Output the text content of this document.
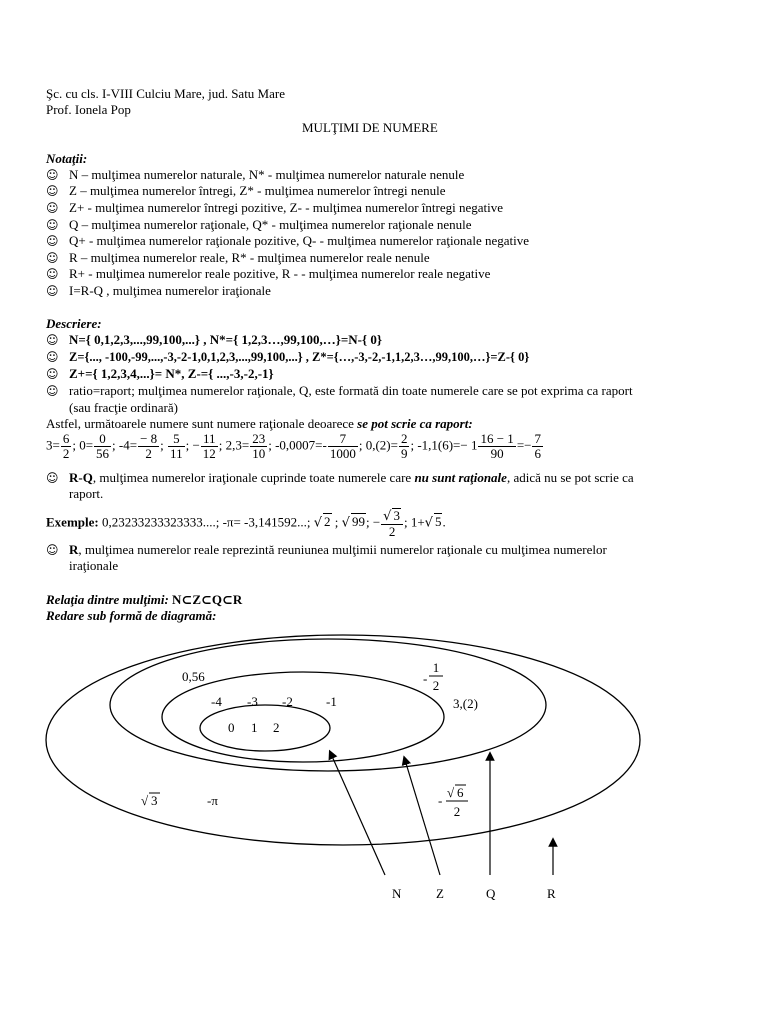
Şc. cu cls. I-VIII Culciu Mare, jud. Satu Mare
Prof. Ionela Pop
MULŢIMI DE NUMERE
Notaţii:
☺ N – mulţimea numerelor naturale, N* - mulţimea numerelor naturale nenule
☺ Z – mulţimea numerelor întregi, Z* - mulţimea numerelor întregi nenule
☺ Z+ - mulţimea numerelor întregi pozitive, Z- - mulţimea numerelor întregi negative
☺ Q – mulţimea numerelor raţionale, Q* - mulţimea numerelor raţionale nenule
☺ Q+ - mulţimea numerelor raţionale pozitive, Q- - mulţimea numerelor raţionale negative
☺ R – mulţimea numerelor reale, R* - mulţimea numerelor reale nenule
☺ R+ - mulţimea numerelor reale pozitive, R - - mulţimea numerelor reale negative
☺ I=R-Q , mulţimea numerelor iraţionale
Descriere:
☺ N={ 0,1,2,3,...,99,100,...} , N*={ 1,2,3…,99,100,…}=N-{ 0}
☺ Z={..., -100,-99,...,-3,-2-1,0,1,2,3,...,99,100,...} , Z*={…,-3,-2,-1,1,2,3…,99,100,…}=Z-{ 0}
☺ Z+={ 1,2,3,4,...}= N*, Z-={ ...,-3,-2,-1}
☺ ratio=raport; mulţimea numerelor raţionale, Q, este formată din toate numerele care se pot exprima ca raport
(sau fracţie ordinară)
Astfel, următoarele numere sunt numere raţionale deoarece se pot scrie ca raport:
$3= \frac{6}{2}$ ; $0= \frac{0}{56}$ ; $-4= \frac{- 8}{2}$ ; $\frac{5}{11}$ ; − $\frac{11}{12}$ ; $2,3= \frac{23}{10}$ ; $-0,0007=- \frac{7}{1000}$ ; $0,(2)= \frac{2}{9}$ ; $-1,1(6)=- 1 \frac{16 - 1}{90} =- \frac{7}{6}$
☺ R-Q, mulţimea numerelor iraţionale cuprinde toate numerele care nu sunt raţionale, adică nu se pot scrie ca
raport.
Exemple: 0,23233233323333....; -π= -3,141592...; √ 2 ; √ 99; − $\frac{√ 3}{2}$ ; 1+√ 5.
☺ R, mulţimea numerelor reale reprezintă reuniunea mulţimii numerelor raţionale cu mulţimea numerelor
iraţionale
Relaţia dintre mulţimi: N⊂Z⊂Q⊂R
Redare sub formă de diagramă:
0 1 2
-4 -3 -2	-1
0,56
3,(2)
-
1
2
√ 3	-π	-
√ 6
2
N	Z	Q	R
